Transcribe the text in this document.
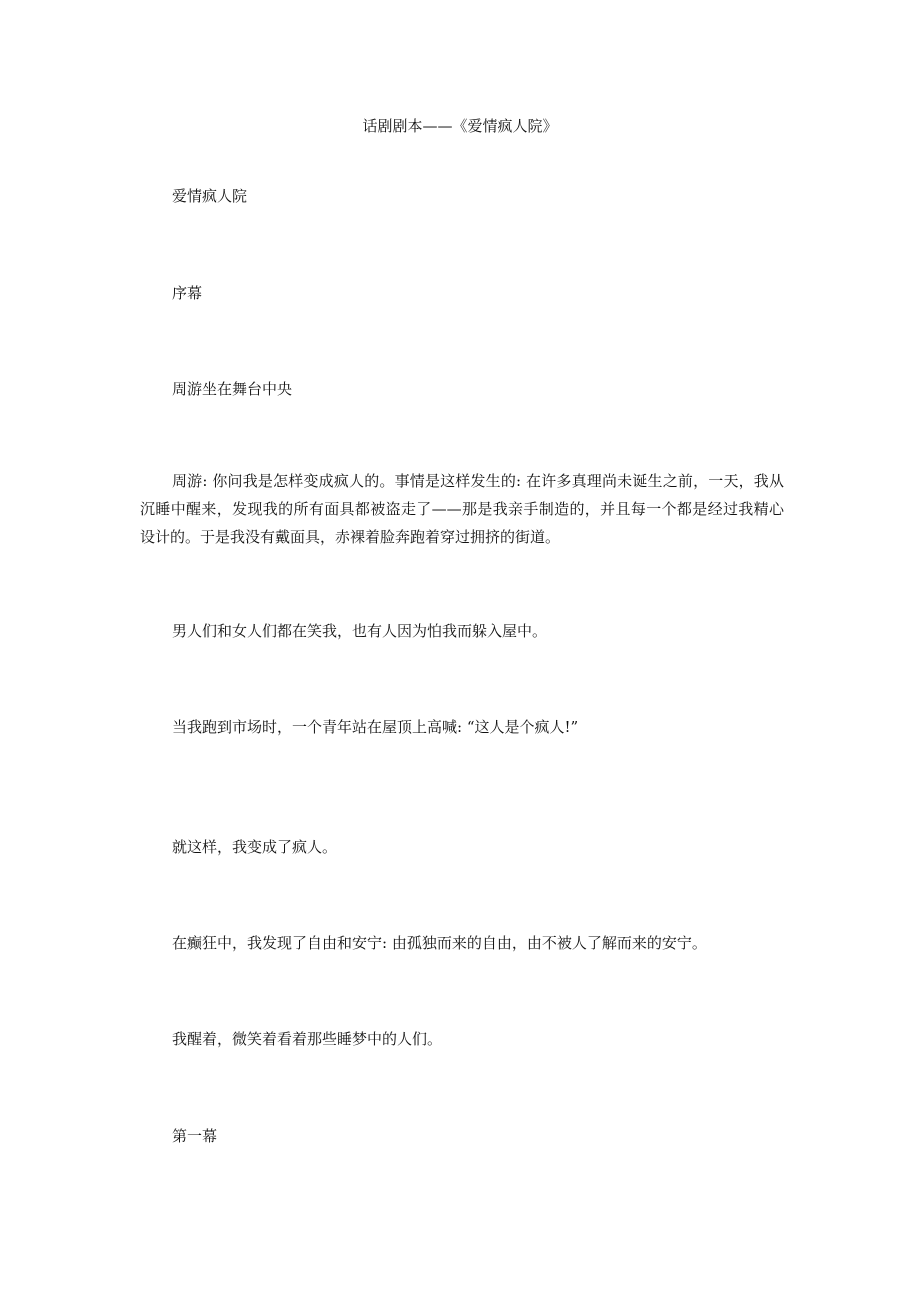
话剧剧本——《爱情疯人院》

爱情疯人院

序幕

周游坐在舞台中央

周游: 你问我是怎样变成疯人的。事情是这样发生的: 在许多真理尚未诞生之前，一天，我从沉睡中醒来，发现我的所有面具都被盗走了——那是我亲手制造的，并且每一个都是经过我精心设计的。于是我没有戴面具，赤裸着脸奔跑着穿过拥挤的街道。

男人们和女人们都在笑我，也有人因为怕我而躲入屋中。

当我跑到市场时，一个青年站在屋顶上高喊: “这人是个疯人!”

就这样，我变成了疯人。

在癫狂中，我发现了自由和安宁: 由孤独而来的自由，由不被人了解而来的安宁。

我醒着，微笑着看着那些睡梦中的人们。

第一幕
